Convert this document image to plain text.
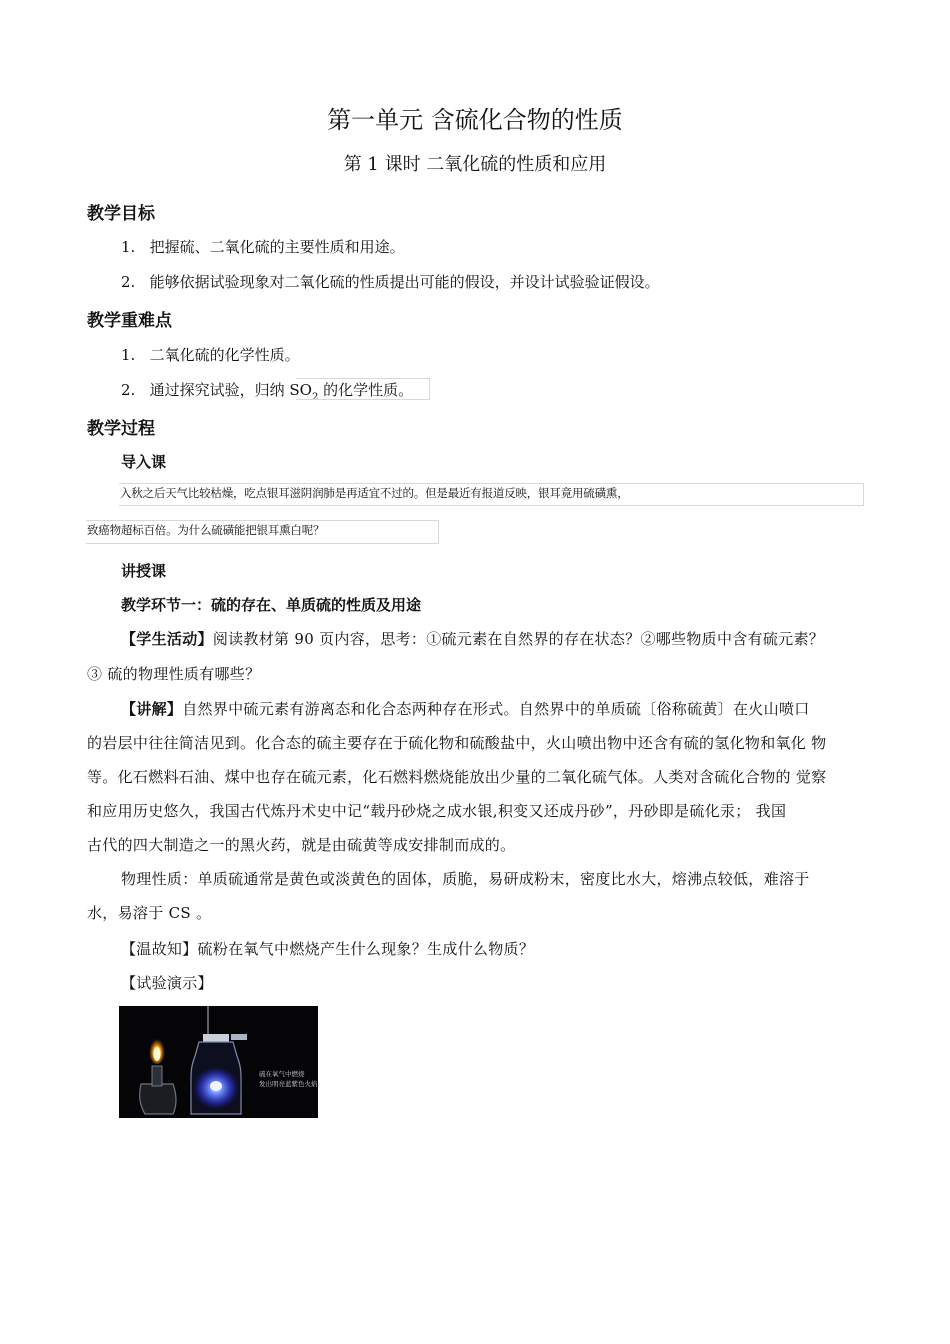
第一单元 含硫化合物的性质
第 1 课时 二氧化硫的性质和应用
教学目标
1. 把握硫、二氧化硫的主要性质和用途。
2. 能够依据试验现象对二氧化硫的性质提出可能的假设，并设计试验验证假设。
教学重难点
1. 二氧化硫的化学性质。
2. 通过探究试验，归纳 $SO_2$ 的化学性质。
教学过程
导入课
入秋之后天气比较枯燥，吃点银耳滋阴润肺是再适宜不过的。但是最近有报道反映，银耳竟用硫磺熏，
致癌物超标百倍。为什么硫磺能把银耳熏白呢？
讲授课
教学环节一：硫的存在、单质硫的性质及用途
【学生活动】阅读教材第 90 页内容，思考：①硫元素在自然界的存在状态？②哪些物质中含有硫元素？
③ 硫的物理性质有哪些？
【讲解】自然界中硫元素有游离态和化合态两种存在形式。自然界中的单质硫〔俗称硫黄〕在火山喷口
的岩层中往往简洁见到。化合态的硫主要存在于硫化物和硫酸盐中，火山喷出物中还含有硫的氢化物和氧化 物
等。化石燃料石油、煤中也存在硫元素，化石燃料燃烧能放出少量的二氧化硫气体。人类对含硫化合物的 觉察
和应用历史悠久，我国古代炼丹术史中记“载丹砂烧之成水银,积变又还成丹砂”，丹砂即是硫化汞； 我国
古代的四大制造之一的黑火药，就是由硫黄等成安排制而成的。
物理性质：单质硫通常是黄色或淡黄色的固体，质脆，易研成粉末，密度比水大，熔沸点较低，难溶于
水，易溶于 CS 。
【温故知】硫粉在氧气中燃烧产生什么现象？生成什么物质？
【试验演示】
硫在氧气中燃烧
发出明亮蓝紫色火焰
